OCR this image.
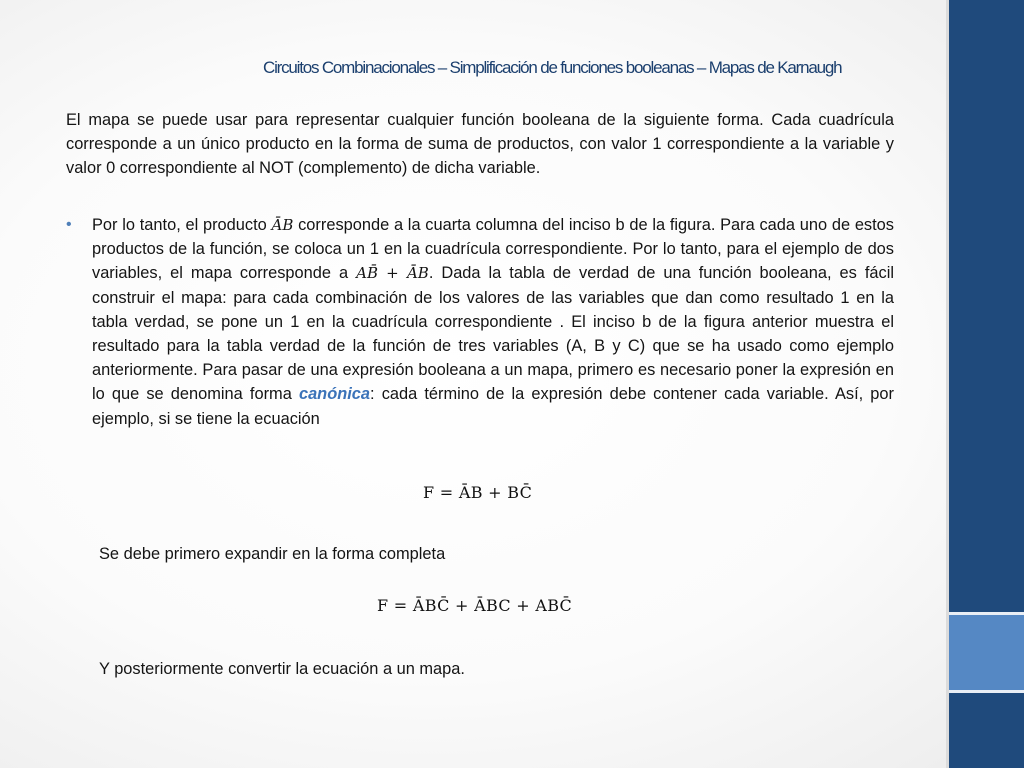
Circuitos Combinacionales – Simplificación de funciones booleanas – Mapas de Karnaugh

El mapa se puede usar para representar cualquier función booleana de la siguiente forma. Cada cuadrícula corresponde a un único producto en la forma de suma de productos, con valor 1 correspondiente a la variable y valor 0 correspondiente al NOT (complemento) de dicha variable.

• Por lo tanto, el producto ĀB corresponde a la cuarta columna del inciso b de la figura. Para cada uno de estos productos de la función, se coloca un 1 en la cuadrícula correspondiente. Por lo tanto, para el ejemplo de dos variables, el mapa corresponde a AB̄ + ĀB. Dada la tabla de verdad de una función booleana, es fácil construir el mapa: para cada combinación de los valores de las variables que dan como resultado 1 en la tabla verdad, se pone un 1 en la cuadrícula correspondiente . El inciso b de la figura anterior muestra el resultado para la tabla verdad de la función de tres variables (A, B y C) que se ha usado como ejemplo anteriormente. Para pasar de una expresión booleana a un mapa, primero es necesario poner la expresión en lo que se denomina forma canónica: cada término de la expresión debe contener cada variable. Así, por ejemplo, si se tiene la ecuación

F = ĀB + BC̄

Se debe primero expandir en la forma completa

F = ĀBC̄ + ĀBC + ABC̄

Y posteriormente convertir la ecuación a un mapa.
